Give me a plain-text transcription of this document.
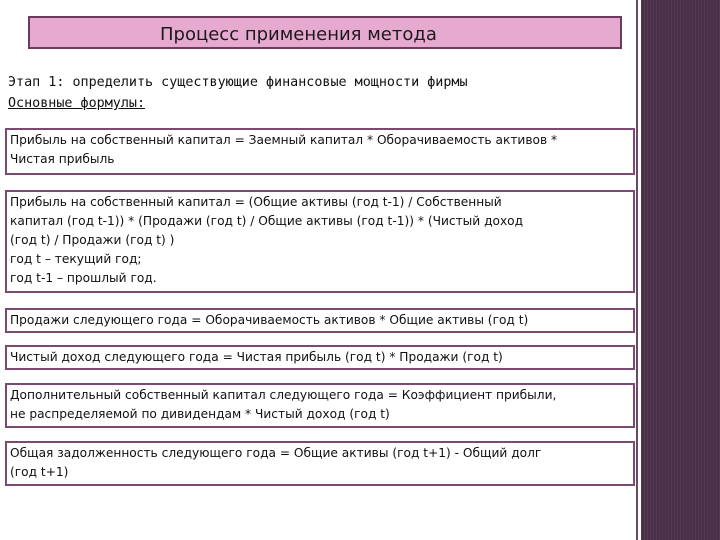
Процесс применения метода
Этап 1: определить существующие финансовые мощности фирмы
Основные формулы:
Прибыль на собственный капитал = Заемный капитал * Оборачиваемость активов *
Чистая прибыль
Прибыль на собственный капитал = (Общие активы (год t-1) / Собственный
капитал (год t-1)) * (Продажи (год t) / Общие активы (год t-1)) * (Чистый доход
(год t) / Продажи (год t) )
год t – текущий год;
год t-1 – прошлый год.
Продажи следующего года = Оборачиваемость активов * Общие активы (год t)
Чистый доход следующего года = Чистая прибыль (год t) * Продажи (год t)
Дополнительный собственный капитал следующего года = Коэффициент прибыли,
не распределяемой по дивидендам * Чистый доход (год t)
Общая задолженность следующего года = Общие активы (год t+1) - Общий долг
(год t+1)
